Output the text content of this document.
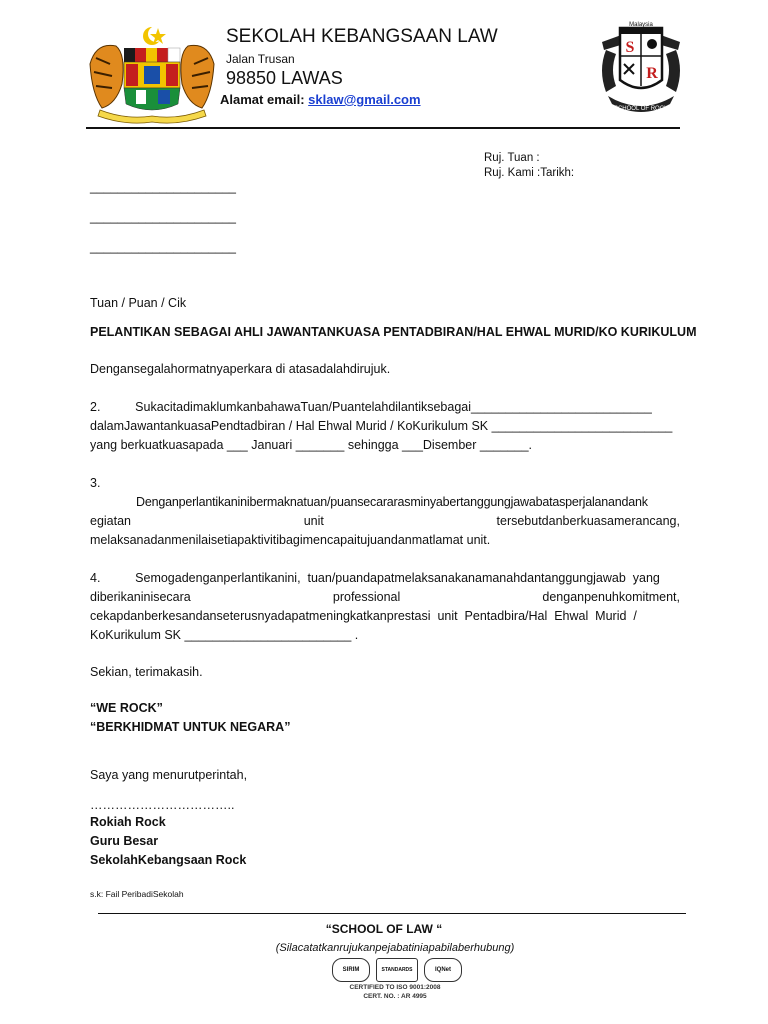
SEKOLAH KEBANGSAAN LAW
Jalan Trusan
98850 LAWAS
Alamat email: sklaw@gmail.com
S
R
Malaysia
SCHOOL OF ROCK
Ruj. Tuan :
Ruj. Kami :Tarikh:
_____________________
_____________________
_____________________
Tuan / Puan / Cik
PELANTIKAN SEBAGAI AHLI JAWANTANKUASA PENTADBIRAN/HAL EHWAL MURID/KO KURIKULUM
Dengansegalahormatnyaperkara di atasadalahdirujuk.
2.          SukacitadimaklumkanbahawaTuan/Puantelahdilantiksebagai__________________________
dalamJawantankuasaPendtadbiran / Hal Ehwal Murid / KoKurikulum SK __________________________
yang berkuatkuasapada ___ Januari _______ sehingga ___Disember _______.
3.
Denganperlantikaninibermaknatuan/puansecararasminyabertanggungjawabatasperjalanandank
egiatan	unit	tersebutdanberkuasamerancang,
melaksanadanmenilaisetiapaktivitibagimencapaitujuandanmatlamat unit.
4.          Semogadenganperlantikanini,  tuan/puandapatmelaksanakanamanahdantanggungjawab  yang
diberikaninisecara	professional	denganpenuhkomitment,
cekapdanberkesandanseterusnyadapatmeningkatkanprestasi  unit  Pentadbira/Hal  Ehwal  Murid  /
KoKurikulum SK ________________________ .
Sekian, terimakasih.
“WE ROCK”
“BERKHIDMAT UNTUK NEGARA”
Saya yang menurutperintah,
……………………………..
Rokiah Rock
Guru Besar
SekolahKebangsaan Rock
s.k: Fail PeribadiSekolah
“SCHOOL OF LAW “
(Silacatatkanrujukanpejabatiniapabilaberhubung)
SIRIM	STANDARDS	IQNet
CERTIFIED TO ISO 9001:2008
CERT. NO. : AR 4995
